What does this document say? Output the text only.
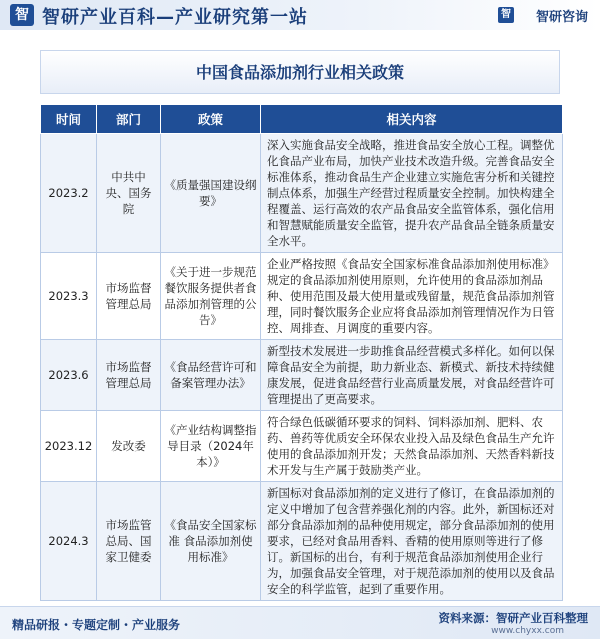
智 智研产业百科—产业研究第一站	智 智研咨询
中国食品添加剂行业相关政策
时间	部门	政策	相关内容
2023.2	中共中央、国务院	《质量强国建设纲要》	深入实施食品安全战略，推进食品安全放心工程。调整优化食品产业布局，加快产业技术改造升级。完善食品安全标准体系，推动食品生产企业建立实施危害分析和关键控制点体系，加强生产经营过程质量安全控制。加快构建全程覆盖、运行高效的农产品食品安全监管体系，强化信用和智慧赋能质量安全监管，提升农产品食品全链条质量安全水平。
2023.3	市场监督管理总局	《关于进一步规范餐饮服务提供者食品添加剂管理的公告》	企业严格按照《食品安全国家标准食品添加剂使用标准》规定的食品添加剂使用原则，允许使用的食品添加剂品种、使用范围及最大使用量或残留量，规范食品添加剂管理，同时餐饮服务企业应将食品添加剂管理情况作为日管控、周排查、月调度的重要内容。
2023.6	市场监督管理总局	《食品经营许可和备案管理办法》	新型技术发展进一步助推食品经营模式多样化。如何以保障食品安全为前提，助力新业态、新模式、新技术持续健康发展，促进食品经营行业高质量发展，对食品经营许可管理提出了更高要求。
2023.12	发改委	《产业结构调整指导目录（2024年本）》	符合绿色低碳循环要求的饲料、饲料添加剂、肥料、农药、兽药等优质安全环保农业投入品及绿色食品生产允许使用的食品添加剂开发；天然食品添加剂、天然香料新技术开发与生产属于鼓励类产业。
2024.3	市场监管总局、国家卫健委	《食品安全国家标准 食品添加剂使用标准》	新国标对食品添加剂的定义进行了修订，在食品添加剂的定义中增加了包含营养强化剂的内容。此外，新国标还对部分食品添加剂的品种使用规定，部分食品添加剂的使用要求，已经对食品用香料、香精的使用原则等进行了修订。新国标的出台，有利于规范食品添加剂使用企业行为，加强食品安全管理，对于规范添加剂的使用以及食品安全的科学监管，起到了重要作用。
精品研报・专题定制・产业服务	资料来源：智研产业百科整理
www.chyxx.com
